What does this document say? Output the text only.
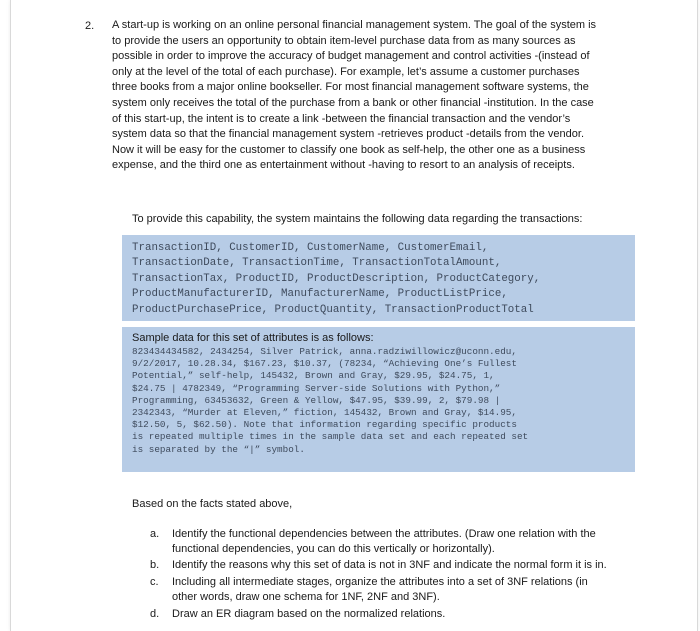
2. A start-up is working on an online personal financial management system. The goal of the system is to provide the users an opportunity to obtain item-level purchase data from as many sources as possible in order to improve the accuracy of budget management and control activities -(instead of only at the level of the total of each purchase). For example, let’s assume a customer purchases three books from a major online bookseller. For most financial management software systems, the system only receives the total of the purchase from a bank or other financial -institution. In the case of this start-up, the intent is to create a link -between the financial transaction and the vendor’s system data so that the financial management system -retrieves product -details from the vendor. Now it will be easy for the customer to classify one book as self-help, the other one as a business expense, and the third one as entertainment without -having to resort to an analysis of receipts.

To provide this capability, the system maintains the following data regarding the transactions:

TransactionID, CustomerID, CustomerName, CustomerEmail,
TransactionDate, TransactionTime, TransactionTotalAmount,
TransactionTax, ProductID, ProductDescription, ProductCategory,
ProductManufacturerID, ManufacturerName, ProductListPrice,
ProductPurchasePrice, ProductQuantity, TransactionProductTotal
Sample data for this set of attributes is as follows:
823434434582, 2434254, Silver Patrick, anna.radziwillowicz@uconn.edu,
9/2/2017, 10.28.34, $167.23, $10.37, (78234, “Achieving One’s Fullest
Potential,” self-help, 145432, Brown and Gray, $29.95, $24.75, 1,
$24.75 | 4782349, “Programming Server-side Solutions with Python,”
Programming, 63453632, Green & Yellow, $47.95, $39.99, 2, $79.98 |
2342343, “Murder at Eleven,” fiction, 145432, Brown and Gray, $14.95,
$12.50, 5, $62.50). Note that information regarding specific products
is repeated multiple times in the sample data set and each repeated set
is separated by the “|” symbol.
Based on the facts stated above,
a. Identify the functional dependencies between the attributes. (Draw one relation with the functional dependencies, you can do this vertically or horizontally).
b. Identify the reasons why this set of data is not in 3NF and indicate the normal form it is in.
c. Including all intermediate stages, organize the attributes into a set of 3NF relations (in other words, draw one schema for 1NF, 2NF and 3NF).
d. Draw an ER diagram based on the normalized relations.
